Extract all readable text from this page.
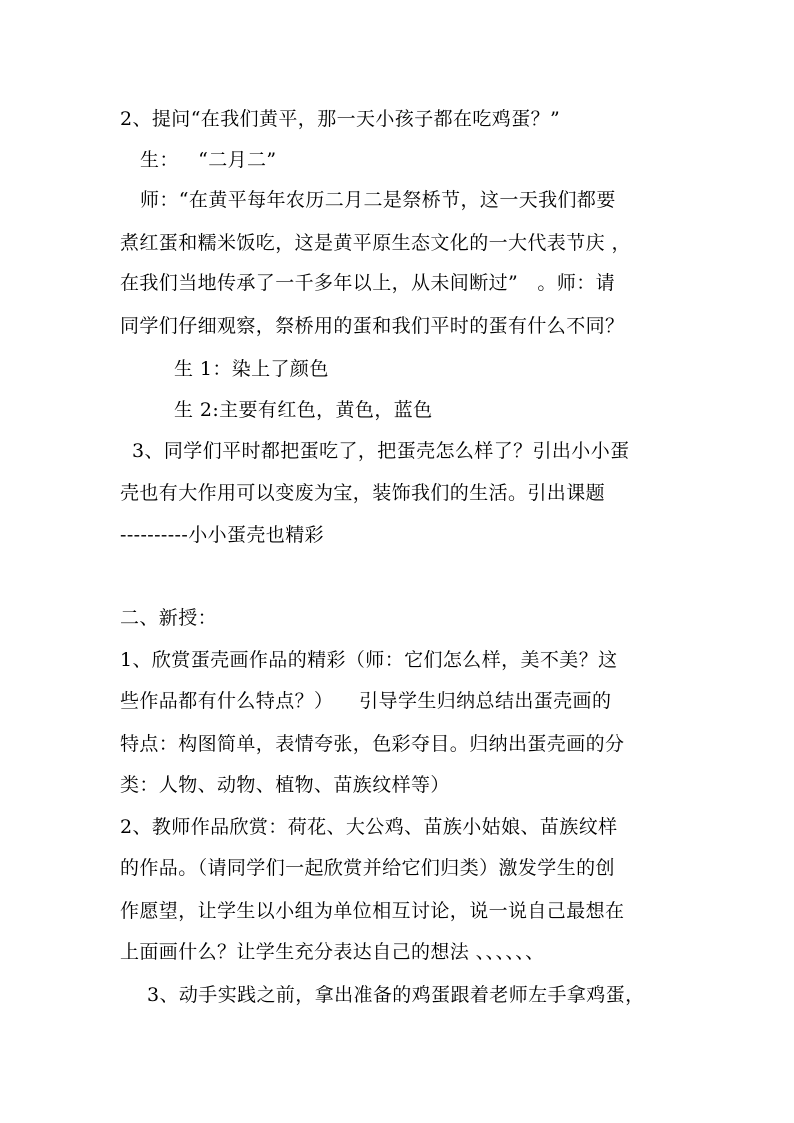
2、提问“在我们黄平，那一天小孩子都在吃鸡蛋？”
生：   “二月二”
师：“在黄平每年农历二月二是祭桥节，这一天我们都要
煮红蛋和糯米饭吃，这是黄平原生态文化的一大代表节庆 ，
在我们当地传承了一千多年以上，从未间断过”   。师：请
同学们仔细观察，祭桥用的蛋和我们平时的蛋有什么不同？
生 1：染上了颜色
生 2:主要有红色，黄色，蓝色
3、同学们平时都把蛋吃了，把蛋壳怎么样了？引出小小蛋
壳也有大作用可以变废为宝，装饰我们的生活。引出课题
----------小小蛋壳也精彩
二、新授：
1、欣赏蛋壳画作品的精彩（师：它们怎么样，美不美？这
些作品都有什么特点？）    引导学生归纳总结出蛋壳画的
特点：构图简单，表情夸张，色彩夺目。归纳出蛋壳画的分
类：人物、动物、植物、苗族纹样等）
2、教师作品欣赏：荷花、大公鸡、苗族小姑娘、苗族纹样
的作品。（请同学们一起欣赏并给它们归类）激发学生的创
作愿望，让学生以小组为单位相互讨论，说一说自己最想在
上面画什么？让学生充分表达自己的想法 、、、、、、
3、动手实践之前，拿出准备的鸡蛋跟着老师左手拿鸡蛋，
